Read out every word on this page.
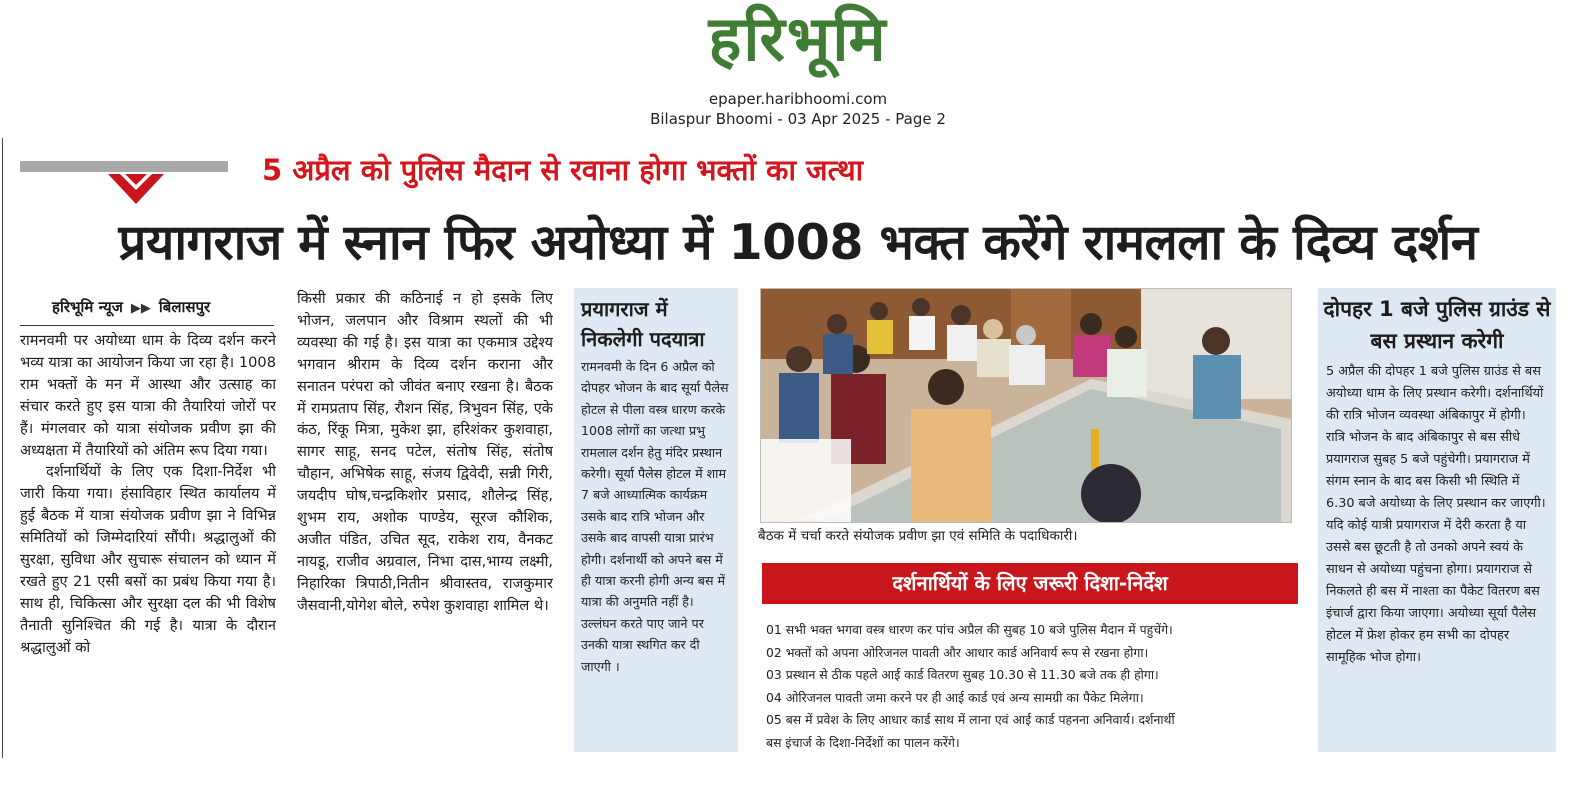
हरिभूमि
epaper.haribhoomi.com
Bilaspur Bhoomi - 03 Apr 2025 - Page 2
5 अप्रैल को पुलिस मैदान से रवाना होगा भक्तों का जत्था
प्रयागराज में स्नान फिर अयोध्या में 1008 भक्त करेंगे रामलला के दिव्य दर्शन
हरिभूमि न्यूज ▶▶ बिलासपुर

रामनवमी पर अयोध्या धाम के दिव्य दर्शन करने भव्य यात्रा का आयोजन किया जा रहा है। 1008 राम भक्तों के मन में आस्था और उत्साह का संचार करते हुए इस यात्रा की तैयारियां जोरों पर हैं। मंगलवार को यात्रा संयोजक प्रवीण झा की अध्यक्षता में तैयारियों को अंतिम रूप दिया गया।

दर्शनार्थियों के लिए एक दिशा-निर्देश भी जारी किया गया। हंसाविहार स्थित कार्यालय में हुई बैठक में यात्रा संयोजक प्रवीण झा ने विभिन्न समितियों को जिम्मेदारियां सौंपी। श्रद्धालुओं की सुरक्षा, सुविधा और सुचारू संचालन को ध्यान में रखते हुए 21 एसी बसों का प्रबंध किया गया है। साथ ही, चिकित्सा और सुरक्षा दल की भी विशेष तैनाती सुनिश्चित की गई है। यात्रा के दौरान श्रद्धालुओं को

किसी प्रकार की कठिनाई न हो इसके लिए भोजन, जलपान और विश्राम स्थलों की भी व्यवस्था की गई है। इस यात्रा का एकमात्र उद्देश्य भगवान श्रीराम के दिव्य दर्शन कराना और सनातन परंपरा को जीवंत बनाए रखना है। बैठक में रामप्रताप सिंह, रौशन सिंह, त्रिभुवन सिंह, एके कंठ, रिंकू मित्रा, मुकेश झा, हरिशंकर कुशवाहा, सागर साहू, सनद पटेल, संतोष सिंह, संतोष चौहान, अभिषेक साहू, संजय द्विवेदी, सन्नी गिरी, जयदीप घोष,चन्द्रकिशोर प्रसाद, शौलेन्द्र सिंह, शुभम राय, अशोक पाण्डेय, सूरज कौशिक, अजीत पंडित, उचित सूद, राकेश राय, वैनकट नायडू, राजीव अग्रवाल, निभा दास,भाग्य लक्ष्मी, निहारिका त्रिपाठी,नितीन श्रीवास्तव, राजकुमार जैसवानी,योगेश बोले, रुपेश कुशवाहा शामिल थे।

प्रयागराज में निकलेगी पदयात्रा
रामनवमी के दिन 6 अप्रैल को दोपहर भोजन के बाद सूर्या पैलेस होटल से पीला वस्त्र धारण करके 1008 लोगों का जत्था प्रभु रामलाल दर्शन हेतु मंदिर प्रस्थान करेगी। सूर्या पैलेस होटल में शाम 7 बजे आध्यात्मिक कार्यक्रम उसके बाद रात्रि भोजन और उसके बाद वापसी यात्रा प्रारंभ होगी। दर्शनार्थी को अपने बस में ही यात्रा करनी होगी अन्य बस में यात्रा की अनुमति नहीं है। उल्लंघन करते पाए जाने पर उनकी यात्रा स्थगित कर दी जाएगी ।
बैठक में चर्चा करते संयोजक प्रवीण झा एवं समिति के पदाधिकारी।
दर्शनार्थियों के लिए जरूरी दिशा-निर्देश
01 सभी भक्त भगवा वस्त्र धारण कर पांच अप्रैल की सुबह 10 बजे पुलिस मैदान में पहुचेंगे।
02 भक्तों को अपना ओरिजनल पावती और आधार कार्ड अनिवार्य रूप से रखना होगा।
03 प्रस्थान से ठीक पहले आई कार्ड वितरण सुबह 10.30 से 11.30 बजे तक ही होगा।
04 ओरिजनल पावती जमा करने पर ही आई कार्ड एवं अन्य सामग्री का पैकेट मिलेगा।
05 बस में प्रवेश के लिए आधार कार्ड साथ में लाना एवं आई कार्ड पहनना अनिवार्य। दर्शनार्थी
बस इंचार्ज के दिशा-निर्देशों का पालन करेंगे।
दोपहर 1 बजे पुलिस ग्राउंड से बस प्रस्थान करेगी
5 अप्रैल की दोपहर 1 बजे पुलिस ग्राउंड से बस अयोध्या धाम के लिए प्रस्थान करेगी। दर्शनार्थियों की रात्रि भोजन व्यवस्था अंबिकापुर में होगी। रात्रि भोजन के बाद अंबिकापुर से बस सीधे प्रयागराज सुबह 5 बजे पहुंचेगी। प्रयागराज में संगम स्नान के बाद बस किसी भी स्थिति में 6.30 बजे अयोध्या के लिए प्रस्थान कर जाएगी। यदि कोई यात्री प्रयागराज में देरी करता है या उससे बस छूटती है तो उनको अपने स्वयं के साधन से अयोध्या पहुंचना होगा। प्रयागराज से निकलते ही बस में नाश्ता का पैकेट वितरण बस इंचार्ज द्वारा किया जाएगा। अयोध्या सूर्या पैलेस होटल में फ्रेश होकर हम सभी का दोपहर सामूहिक भोज होगा।
